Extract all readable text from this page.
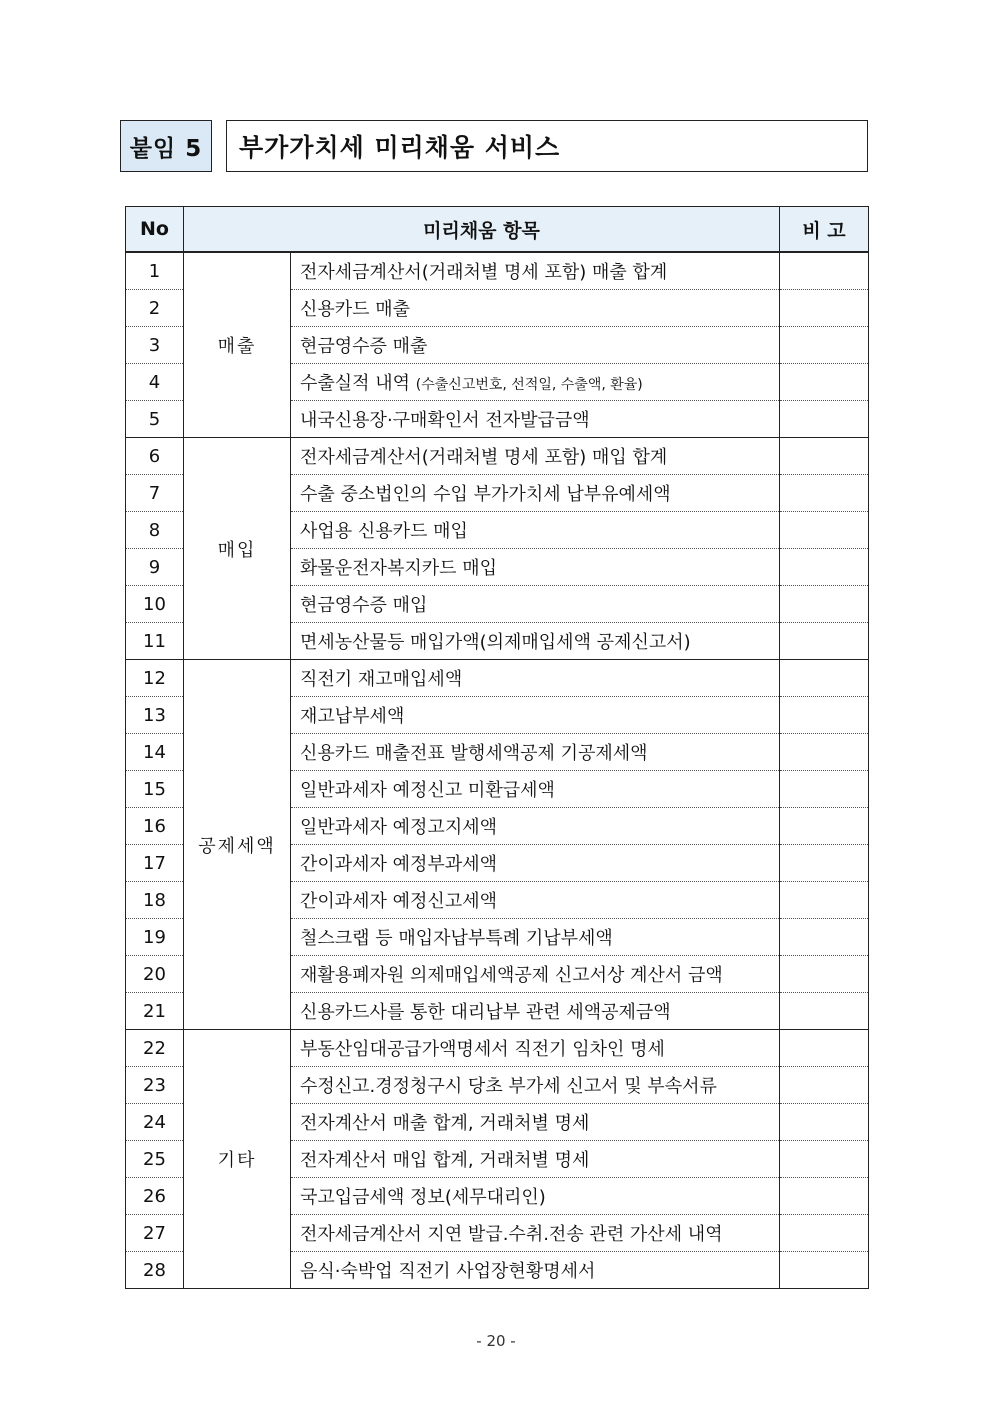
붙임 5	부가가치세 미리채움 서비스
No	미리채움 항목		비 고
1	매출	전자세금계산서(거래처별 명세 포함) 매출 합계	
2		신용카드 매출	
3		현금영수증 매출	
4		수출실적 내역 (수출신고번호, 선적일, 수출액, 환율)	
5		내국신용장·구매확인서 전자발급금액	
6	매입	전자세금계산서(거래처별 명세 포함) 매입 합계	
7		수출 중소법인의 수입 부가가치세 납부유예세액	
8		사업용 신용카드 매입	
9		화물운전자복지카드 매입	
10		현금영수증 매입	
11		면세농산물등 매입가액(의제매입세액 공제신고서)	
12	공제세액	직전기 재고매입세액	
13		재고납부세액	
14		신용카드 매출전표 발행세액공제 기공제세액	
15		일반과세자 예정신고 미환급세액	
16		일반과세자 예정고지세액	
17		간이과세자 예정부과세액	
18		간이과세자 예정신고세액	
19		철스크랩 등 매입자납부특례 기납부세액	
20		재활용폐자원 의제매입세액공제 신고서상 계산서 금액	
21		신용카드사를 통한 대리납부 관련 세액공제금액	
22	기타	부동산임대공급가액명세서 직전기 임차인 명세	
23		수정신고.경정청구시 당초 부가세 신고서 및 부속서류	
24		전자계산서 매출 합계, 거래처별 명세	
25		전자계산서 매입 합계, 거래처별 명세	
26		국고입금세액 정보(세무대리인)	
27		전자세금계산서 지연 발급.수취.전송 관련 가산세 내역	
28		음식·숙박업 직전기 사업장현황명세서	
- 20 -
